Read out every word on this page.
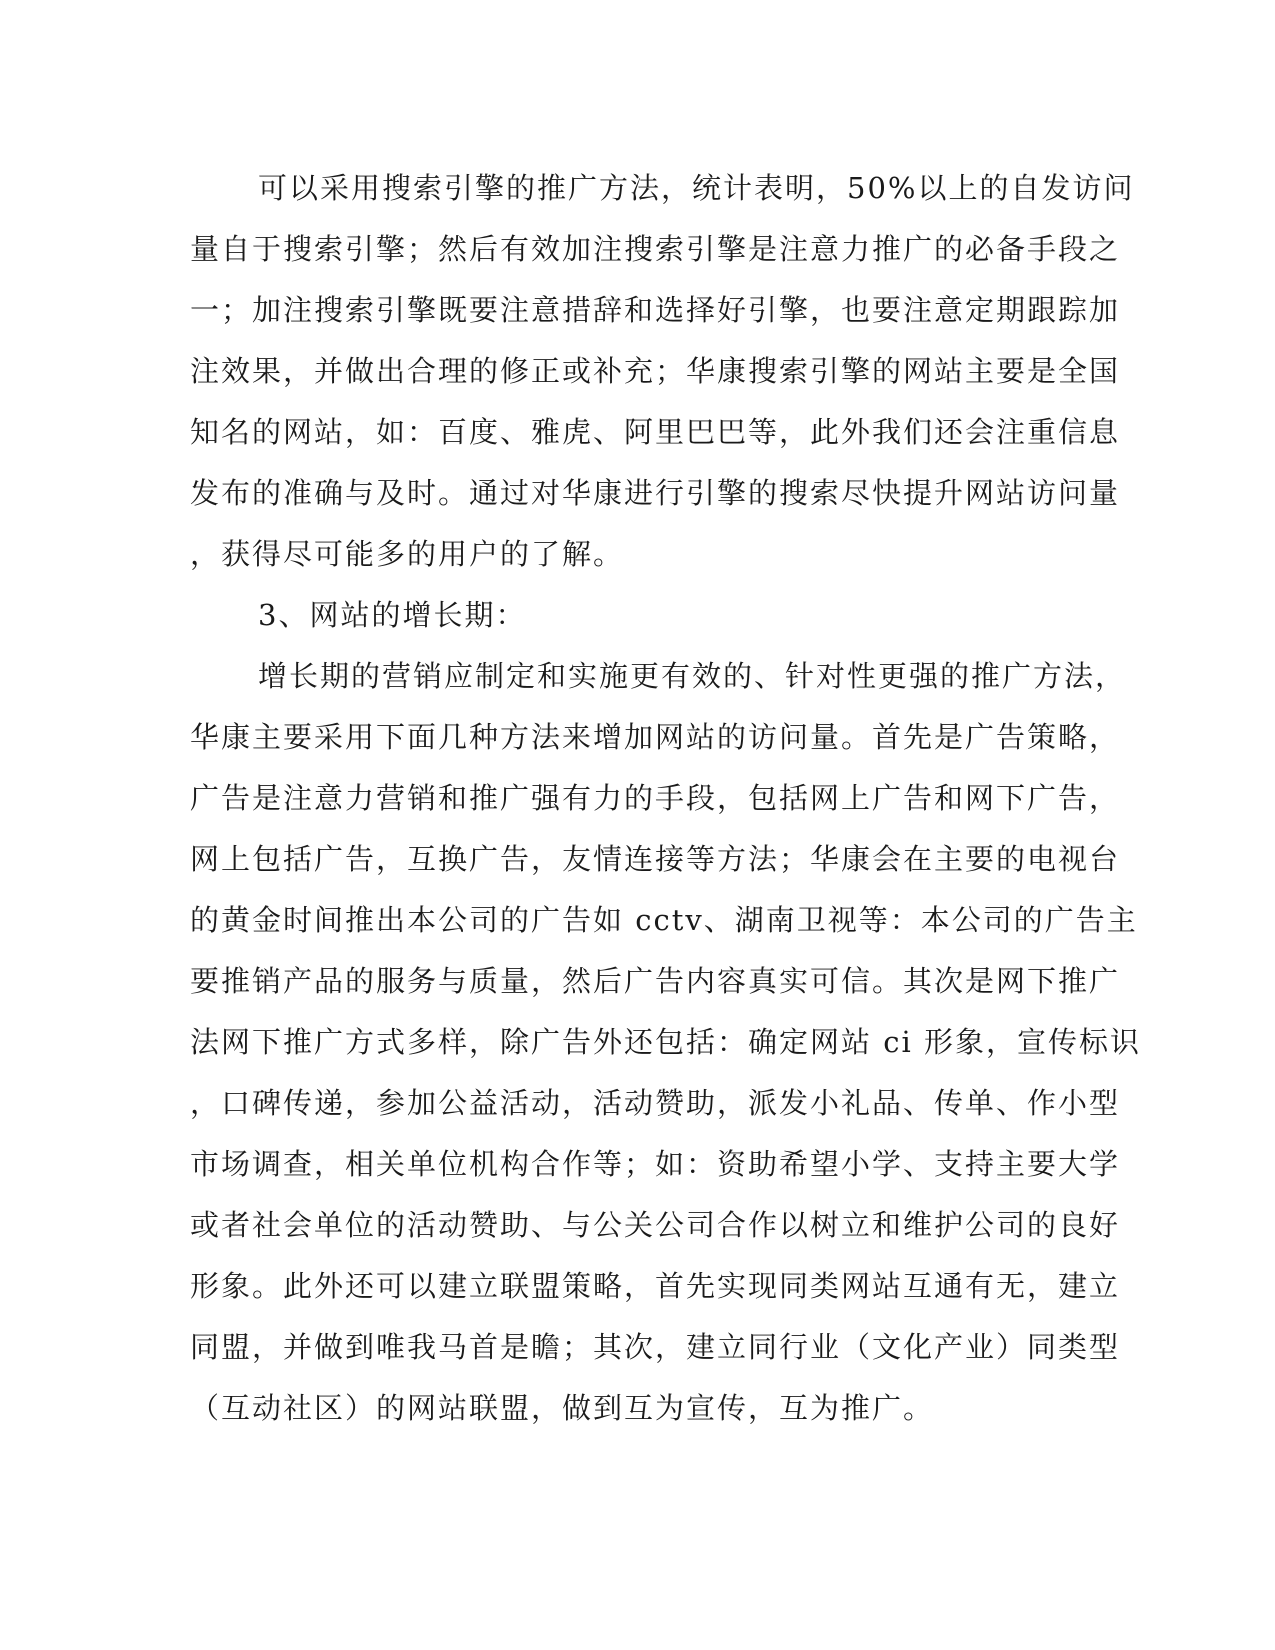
可以采用搜索引擎的推广方法，统计表明，50%以上的自发访问
量自于搜索引擎；然后有效加注搜索引擎是注意力推广的必备手段之
一；加注搜索引擎既要注意措辞和选择好引擎，也要注意定期跟踪加
注效果，并做出合理的修正或补充；华康搜索引擎的网站主要是全国
知名的网站，如：百度、雅虎、阿里巴巴等，此外我们还会注重信息
发布的准确与及时。通过对华康进行引擎的搜索尽快提升网站访问量
，获得尽可能多的用户的了解。
3、网站的增长期：
增长期的营销应制定和实施更有效的、针对性更强的推广方法，
华康主要采用下面几种方法来增加网站的访问量。首先是广告策略，
广告是注意力营销和推广强有力的手段，包括网上广告和网下广告，
网上包括广告，互换广告，友情连接等方法；华康会在主要的电视台
的黄金时间推出本公司的广告如 cctv、湖南卫视等：本公司的广告主
要推销产品的服务与质量，然后广告内容真实可信。其次是网下推广
法网下推广方式多样，除广告外还包括：确定网站 ci 形象，宣传标识
，口碑传递，参加公益活动，活动赞助，派发小礼品、传单、作小型
市场调查，相关单位机构合作等；如：资助希望小学、支持主要大学
或者社会单位的活动赞助、与公关公司合作以树立和维护公司的良好
形象。此外还可以建立联盟策略，首先实现同类网站互通有无，建立
同盟，并做到唯我马首是瞻；其次，建立同行业（文化产业）同类型
（互动社区）的网站联盟，做到互为宣传，互为推广。
